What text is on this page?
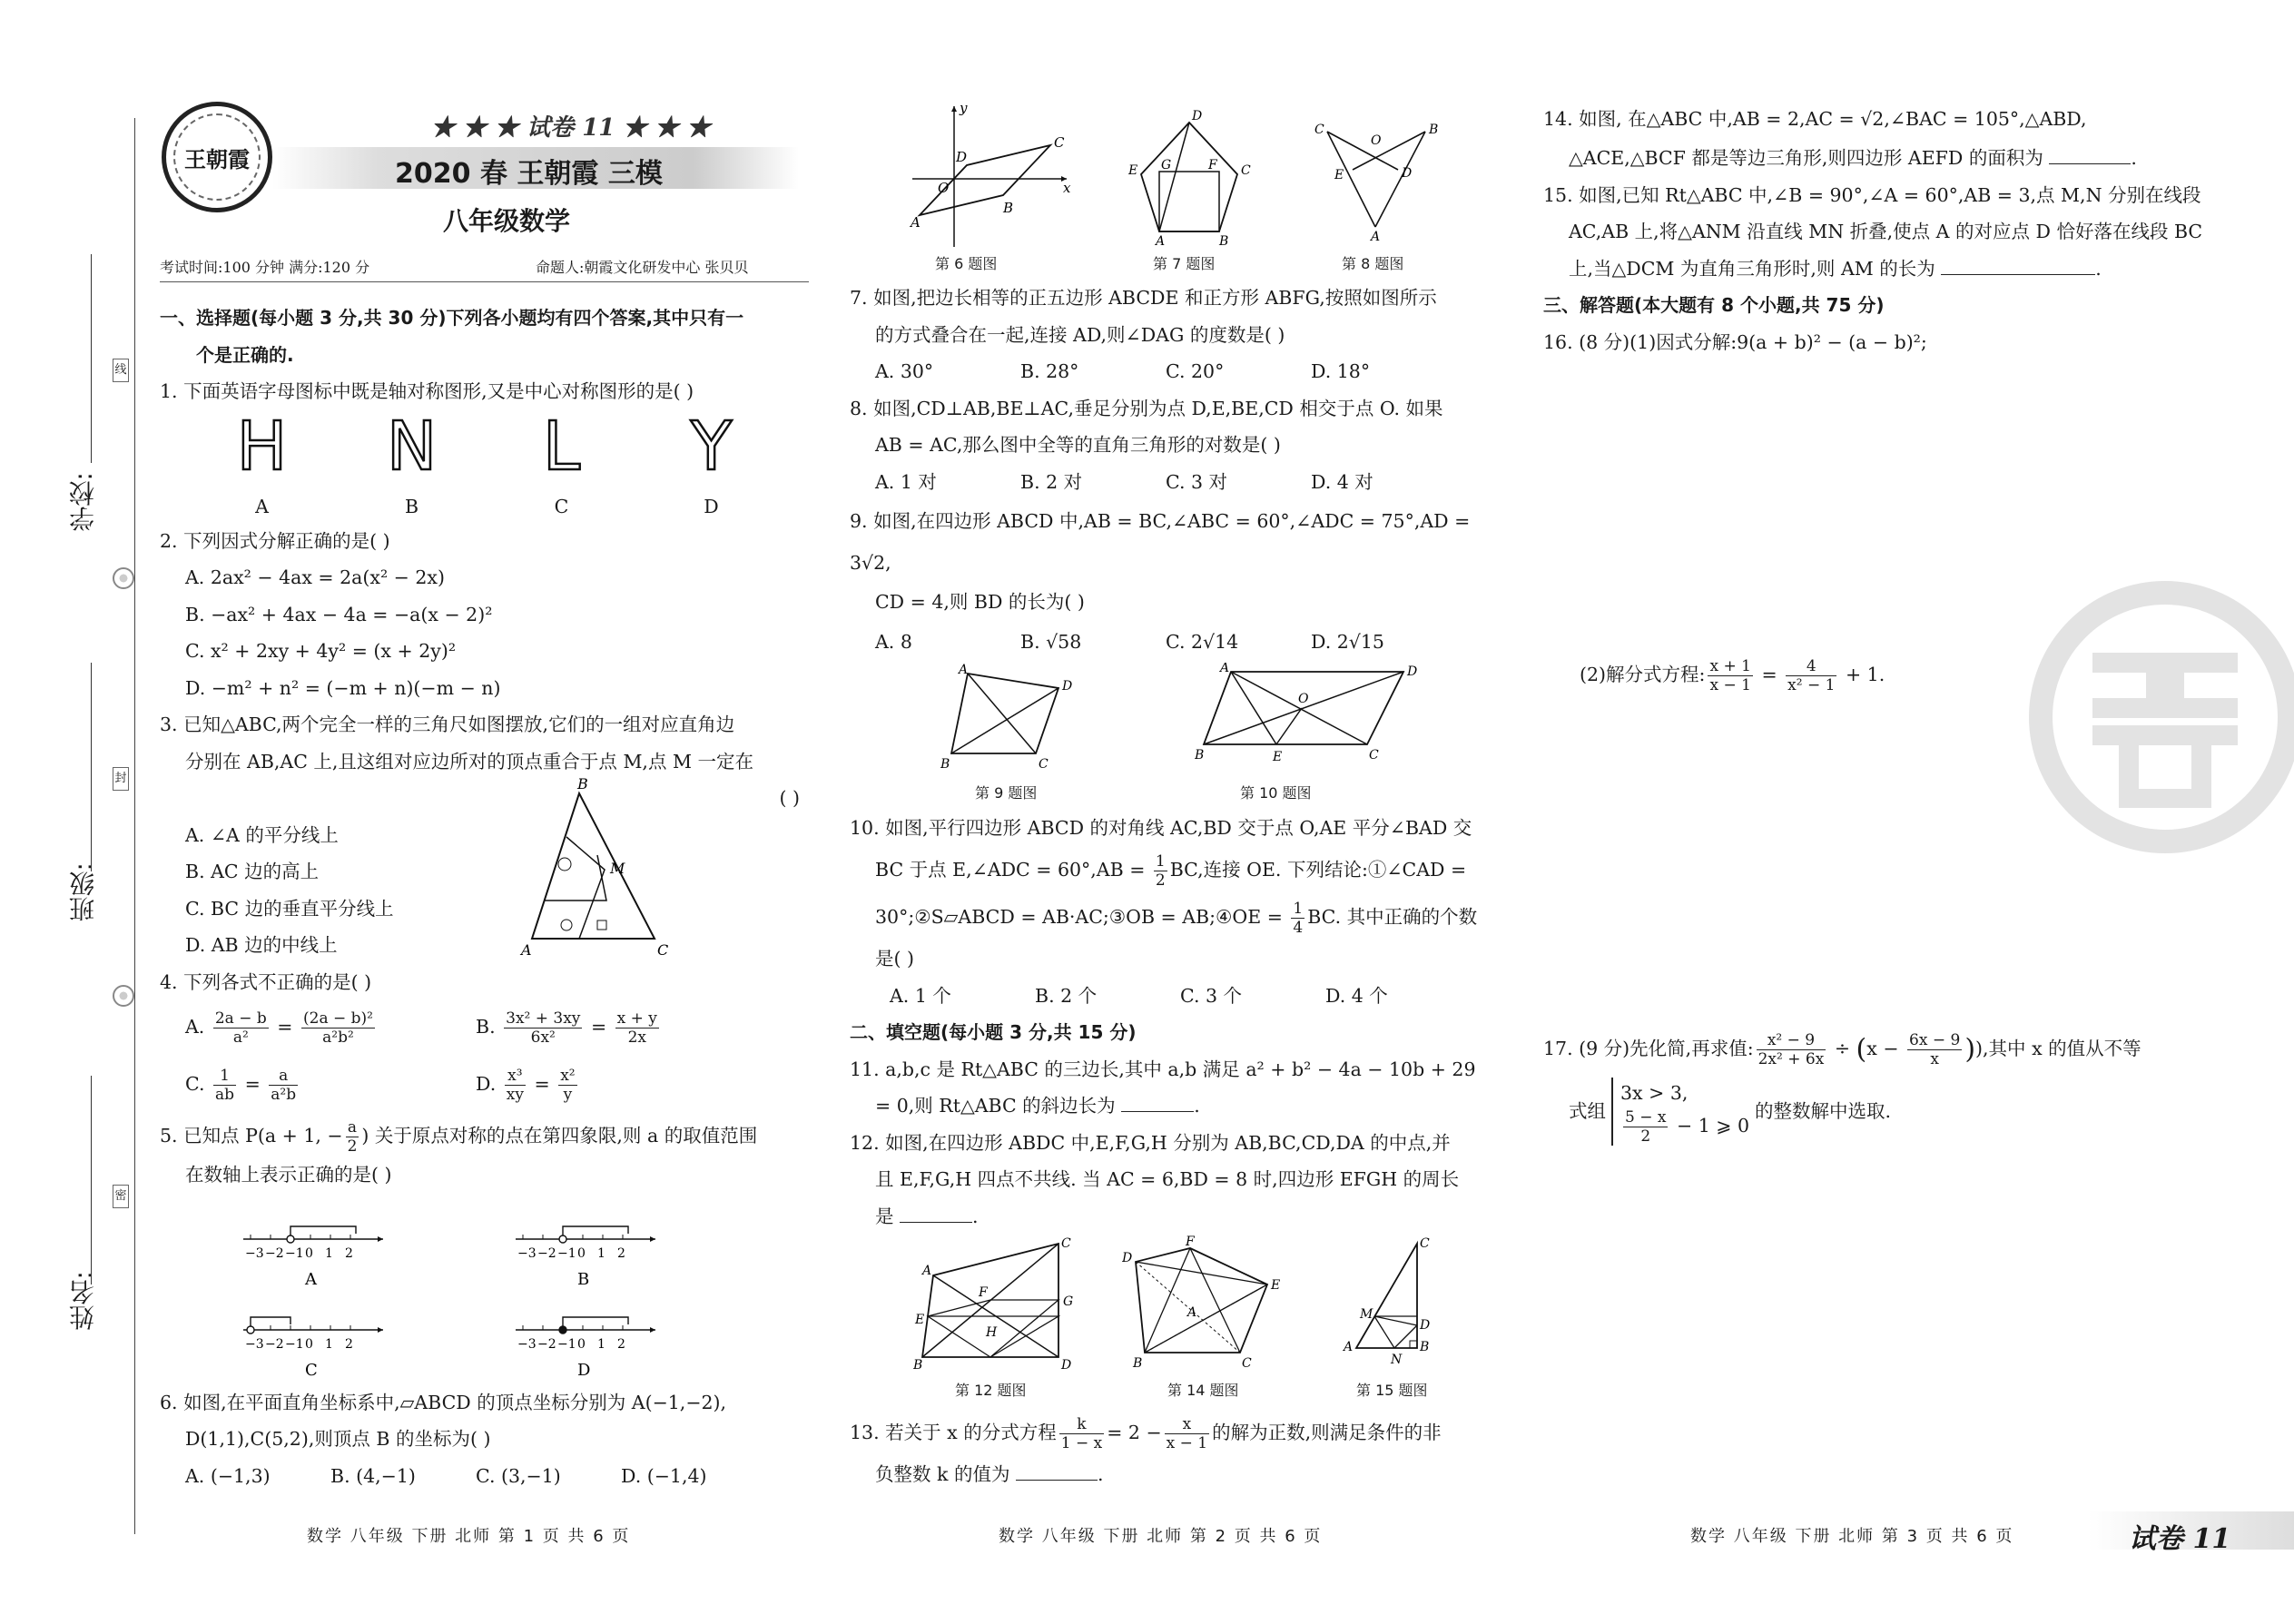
学校:
班级:
姓名:
线
封
密
王朝霞
★ ★ ★ 试卷 11 ★ ★ ★
2020 春 王朝霞 三模
八年级数学
考试时间:100 分钟 满分:120 分	命题人:朝霞文化研发中心 张贝贝
一、选择题(每小题 3 分,共 30 分)下列各小题均有四个答案,其中只有一
个是正确的.
1. 下面英语字母图标中既是轴对称图形,又是中心对称图形的是( )
H	N	L	Y
A	B	C	D
2. 下列因式分解正确的是( )
A. 2ax² − 4ax = 2a(x² − 2x)
B. −ax² + 4ax − 4a = −a(x − 2)²
C. x² + 2xy + 4y² = (x + 2y)²
D. −m² + n² = (−m + n)(−m − n)
3. 已知△ABC,两个完全一样的三角尺如图摆放,它们的一组对应直角边
分别在 AB,AC 上,且这组对应边所对的顶点重合于点 M,点 M 一定在
( )
A. ∠A 的平分线上
B. AC 边的高上
C. BC 边的垂直平分线上
D. AB 边的中线上
B
A	C
M
4. 下列各式不正确的是( )
A. $\frac{2a - b}{\text{a²}} = \frac{\text{(2a − b)²}}{\text{a²b²}}$	B. $\frac{\text{3x² + 3xy}}{\text{6x²}} = \frac{x + y}{2x}$
C. $\frac{1}{ab} = \frac{a}{\text{a²b}}$	D. $\frac{\text{x³}}{xy} = \frac{\text{x²}}{y}$
5. 已知点 P(a + 1, − $\frac{a}{2}$ ) 关于原点对称的点在第四象限,则 a 的取值范围
在数轴上表示正确的是( )
−3 −2 −1 0 1 2
A
−3 −2 −1 0 1 2
B
−3 −2 −1 0 1 2
C
−3 −2 −1 0 1 2
D
6. 如图,在平面直角坐标系中,▱ABCD 的顶点坐标分别为 A(−1,−2),
D(1,1),C(5,2),则顶点 B 的坐标为( )
A. (−1,3)	B. (4,−1)	C. (3,−1)	D. (−1,4)
y
x
O
A
B
C
D
第 6 题图
A	B
C
D
E G	F
第 7 题图
C	B
O
E	D
A
第 8 题图
7. 如图,把边长相等的正五边形 ABCDE 和正方形 ABFG,按照如图所示
的方式叠合在一起,连接 AD,则∠DAG 的度数是( )
A. 30°	B. 28°	C. 20°	D. 18°
8. 如图,CD⊥AB,BE⊥AC,垂足分别为点 D,E,BE,CD 相交于点 O. 如果
AB = AC,那么图中全等的直角三角形的对数是( )
A. 1 对	B. 2 对	C. 3 对	D. 4 对
9. 如图,在四边形 ABCD 中,AB = BC,∠ABC = 60°,∠ADC = 75°,AD = 3√2,
CD = 4,则 BD 的长为( )
A. 8	B. √58	C. 2√14	D. 2√15
A
D
C
B
第 9 题图
A	D
C
B	E
O
第 10 题图
10. 如图,平行四边形 ABCD 的对角线 AC,BD 交于点 O,AE 平分∠BAD 交
BC 于点 E,∠ADC = $60^\circ,AB = \frac{1}{2}$ BC,连接 OE. 下列结论:①∠CAD =
30°;②S▱ABCD = AB·AC;③OB = AB;④OE = $\frac{1}{4}$ BC. 其中正确的个数
是( )
A. 1 个	B. 2 个	C. 3 个	D. 4 个
二、填空题(每小题 3 分,共 15 分)
11. a,b,c 是 Rt△ABC 的三边长,其中 a,b 满足 a² + b² − 4a − 10b + 29
= 0,则 Rt△ABC 的斜边长为	.
12. 如图,在四边形 ABDC 中,E,F,G,H 分别为 AB,BC,CD,DA 的中点,并
且 E,F,G,H 四点不共线. 当 AC = 6,BD = 8 时,四边形 EFGH 的周长
是	.
A
C
D
B
E
F
G
H
第 12 题图
F
D
E
B	C
A
第 14 题图
C
M
D
B
A
N
第 15 题图
13. 若关于 x 的分式方程 $\frac{k}{1 - x} = 2 - \frac{x}{x - 1}$ 的解为正数,则满足条件的非
负整数 k 的值为	.
14. 如图, 在△ABC 中,AB = 2,AC = √2,∠BAC = 105°,△ABD,
△ACE,△BCF 都是等边三角形,则四边形 AEFD 的面积为	.
15. 如图,已知 Rt△ABC 中,∠B = 90°,∠A = 60°,AB = 3,点 M,N 分别在线段
AC,AB 上,将△ANM 沿直线 MN 折叠,使点 A 的对应点 D 恰好落在线段 BC
上,当△DCM 为直角三角形时,则 AM 的长为	.
三、解答题(本大题有 8 个小题,共 75 分)
16. (8 分)(1)因式分解:9(a + b)² − (a − b)²;
(2)解分式方程: $\frac{x + 1}{x - 1} = \frac{4}{\text{x² − 1}} + 1$.
17. (9 分)先化简,再求值: $\frac{\text{x² − 9}}{\text{2x² + 6x}} \div (x - \frac{6x - 9}{x}$ )),其中 x 的值从不等
式组
3x > 3,
$\frac{5 - x}{2} - 1$ ⩾ 0
的整数解中选取.
数学 八年级 下册 北师 第 1 页 共 6 页	数学 八年级 下册 北师 第 2 页 共 6 页	数学 八年级 下册 北师 第 3 页 共 6 页	试卷 11
